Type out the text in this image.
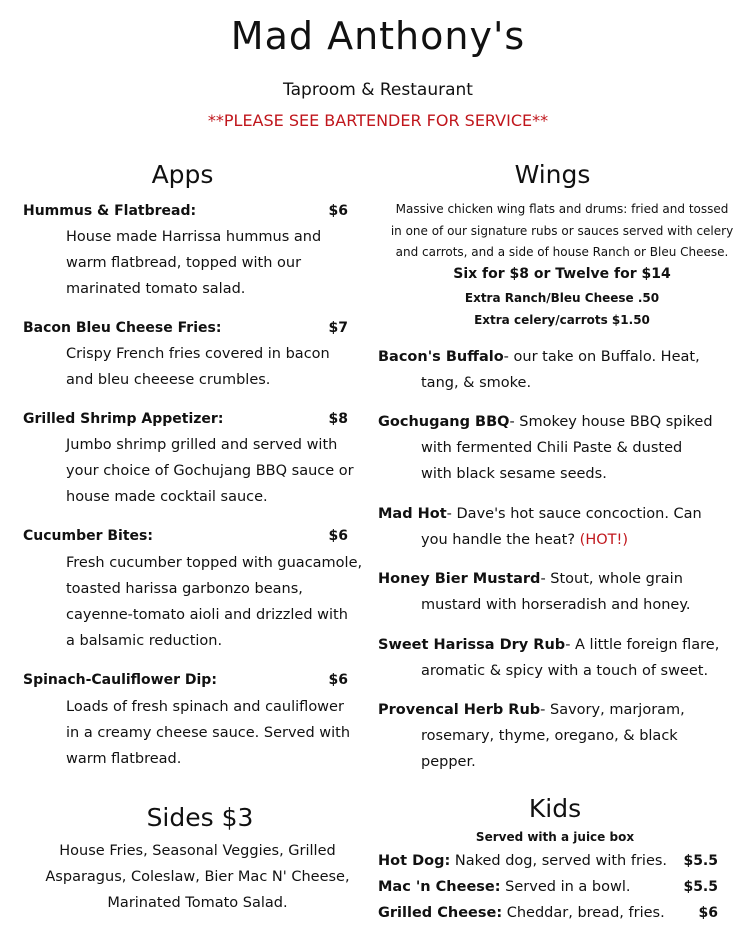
Mad Anthony's
Taproom & Restaurant
**PLEASE SEE BARTENDER FOR SERVICE**
Apps
Hummus & Flatbread:	$6
House made Harrissa hummus and
warm flatbread, topped with our
marinated tomato salad.
Bacon Bleu Cheese Fries:	$7
Crispy French fries covered in bacon
and bleu cheeese crumbles.
Grilled Shrimp Appetizer:	$8
Jumbo shrimp grilled and served with
your choice of Gochujang BBQ sauce or
house made cocktail sauce.
Cucumber Bites:	$6
Fresh cucumber topped with guacamole,
toasted harissa garbonzo beans,
cayenne-tomato aioli and drizzled with
a balsamic reduction.
Spinach-Cauliflower Dip:	$6
Loads of fresh spinach and cauliflower
in a creamy cheese sauce. Served with
warm flatbread.
Sides $3
House Fries, Seasonal Veggies, Grilled
Asparagus, Coleslaw, Bier Mac N' Cheese,
Marinated Tomato Salad.
Wings
Massive chicken wing flats and drums: fried and tossed
in one of our signature rubs or sauces served with celery
and carrots, and a side of house Ranch or Bleu Cheese.
Six for $8 or Twelve for $14
Extra Ranch/Bleu Cheese .50
Extra celery/carrots $1.50
Bacon's Buffalo- our take on Buffalo. Heat,
tang, & smoke.
Gochugang BBQ- Smokey house BBQ spiked
with fermented Chili Paste & dusted
with black sesame seeds.
Mad Hot- Dave's hot sauce concoction. Can
you handle the heat? (HOT!)
Honey Bier Mustard- Stout, whole grain
mustard with horseradish and honey.
Sweet Harissa Dry Rub- A little foreign flare,
aromatic & spicy with a touch of sweet.
Provencal Herb Rub- Savory, marjoram,
rosemary, thyme, oregano, & black
pepper.
Kids
Served with a juice box
Hot Dog: Naked dog, served with fries.	$5.5
Mac 'n Cheese: Served in a bowl.	$5.5
Grilled Cheese: Cheddar, bread, fries.	$6
